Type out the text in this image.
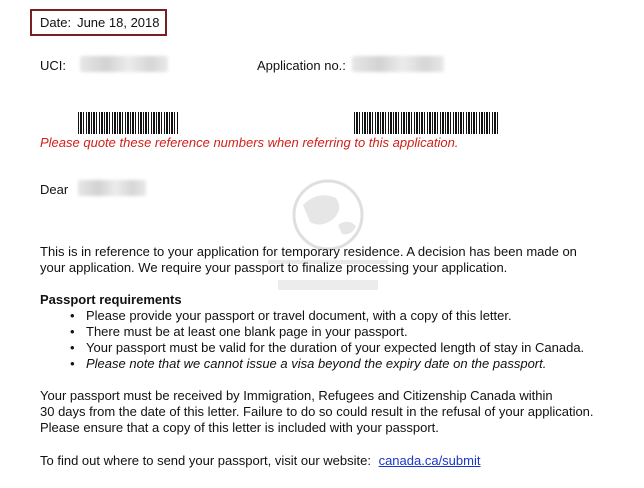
Date: June 18, 2018
UCI:	Application no.:
Please quote these reference numbers when referring to this application.
Dear
This is in reference to your application for temporary residence. A decision has been made on
your application. We require your passport to finalize processing your application.
Passport requirements
• Please provide your passport or travel document, with a copy of this letter.
• There must be at least one blank page in your passport.
• Your passport must be valid for the duration of your expected length of stay in Canada.
• Please note that we cannot issue a visa beyond the expiry date on the passport.
Your passport must be received by Immigration, Refugees and Citizenship Canada within
30 days from the date of this letter. Failure to do so could result in the refusal of your application.
Please ensure that a copy of this letter is included with your passport.
To find out where to send your passport, visit our website: canada.ca/submit
